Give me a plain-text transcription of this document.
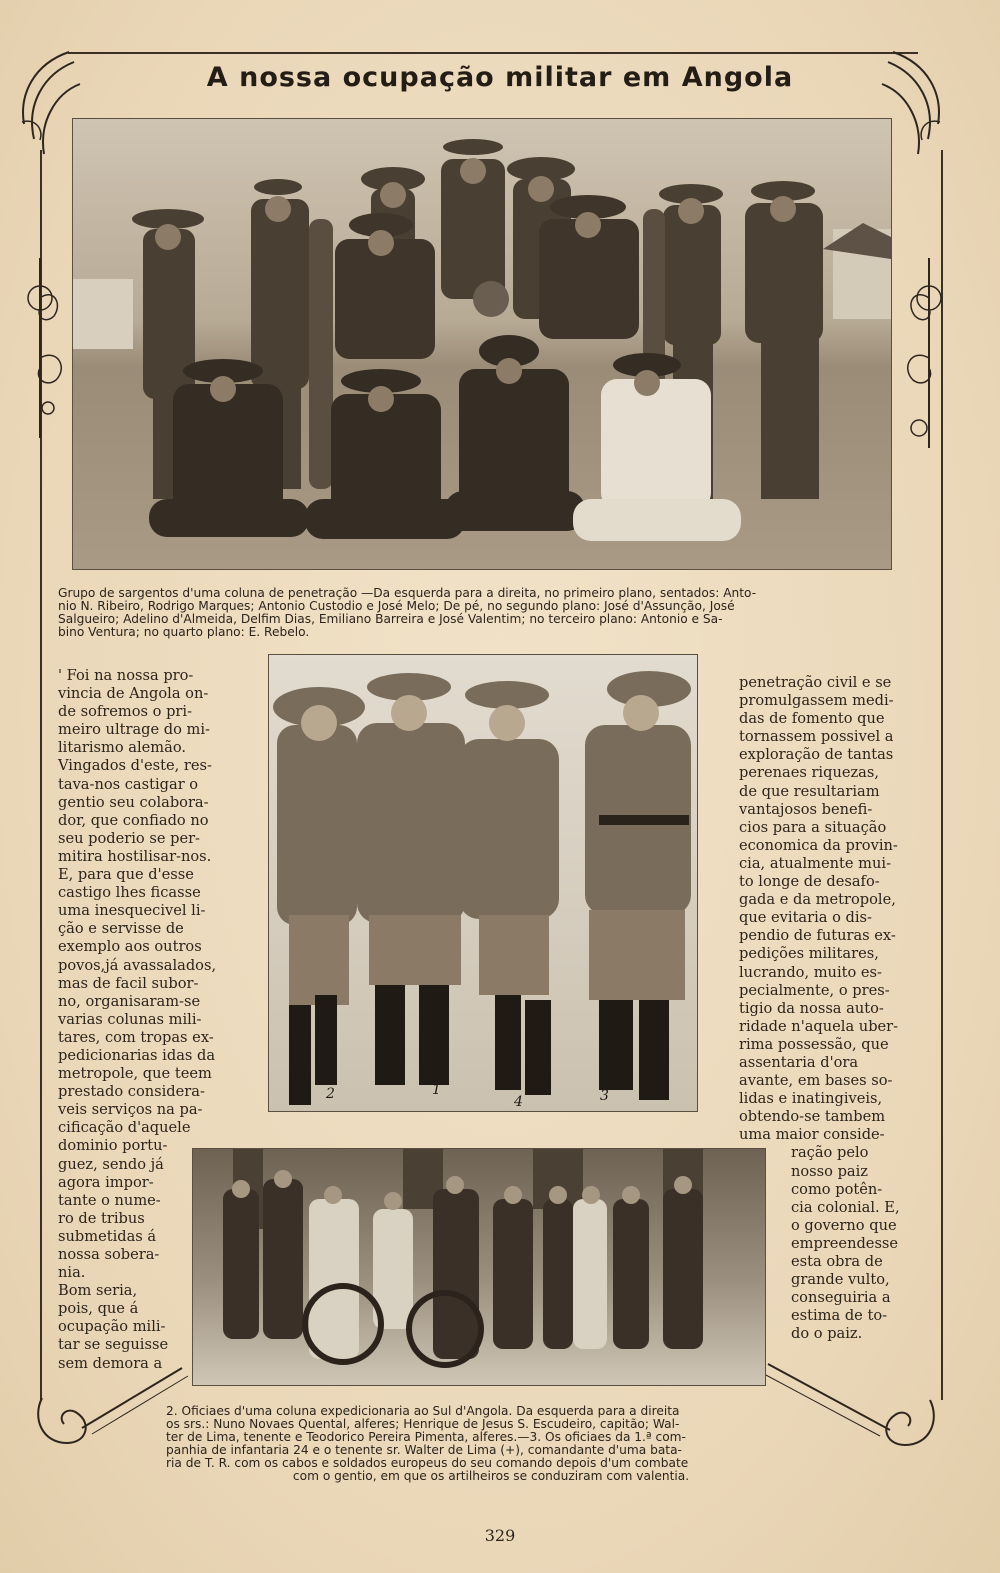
A nossa ocupação militar em Angola
Grupo de sargentos d'uma coluna de penetração —Da esquerda para a direita, no primeiro plano, sentados: Anto-
nio N. Ribeiro, Rodrigo Marques; Antonio Custodio e José Melo; De pé, no segundo plano: José d'Assunção, José
Salgueiro; Adelino d'Almeida, Delfim Dias, Emiliano Barreira e José Valentim; no terceiro plano: Antonio e Sa-
bino Ventura; no quarto plano: E. Rebelo.
2	1
4	3
' Foi na nossa pro-
vincia de Angola on-
de sofremos o pri-
meiro ultrage do mi-
litarismo alemão.
Vingados d'este, res-
tava-nos castigar o
gentio seu colabora-
dor, que confiado no
seu poderio se per-
mitira hostilisar-nos.
E, para que d'esse
castigo lhes ficasse
uma inesquecivel li-
ção e servisse de
exemplo aos outros
povos,já avassalados,
mas de facil subor-
no, organisaram-se
varias colunas mili-
tares, com tropas ex-
pedicionarias idas da
metropole, que teem
prestado considera-
veis serviços na pa-
cificação d'aquele
dominio portu-
guez, sendo já
agora impor-
tante o nume-
ro de tribus
submetidas á
nossa sobera-
nia.
Bom seria,
pois, que á
ocupação mili-
tar se seguisse
sem demora a
penetração civil e se
promulgassem medi-
das de fomento que
tornassem possivel a
exploração de tantas
perenaes riquezas,
de que resultariam
vantajosos benefi-
cios para a situação
economica da provin-
cia, atualmente mui-
to longe de desafo-
gada e da metropole,
que evitaria o dis-
pendio de futuras ex-
pedições militares,
lucrando, muito es-
pecialmente, o pres-
tigio da nossa auto-
ridade n'aquela uber-
rima possessão, que
assentaria d'ora
avante, em bases so-
lidas e inatingiveis,
obtendo-se tambem
uma maior conside-
ração pelo
nosso paiz
como potên-
cia colonial. E,
o governo que
empreendesse
esta obra de
grande vulto,
conseguiria a
estima de to-
do o paiz.
2. Oficiaes d'uma coluna expedicionaria ao Sul d'Angola. Da esquerda para a direita
os srs.: Nuno Novaes Quental, alferes; Henrique de Jesus S. Escudeiro, capitão; Wal-
ter de Lima, tenente e Teodorico Pereira Pimenta, alferes.—3. Os oficiaes da 1.ª com-
panhia de infantaria 24 e o tenente sr. Walter de Lima (+), comandante d'uma bata-
ria de T. R. com os cabos e soldados europeus do seu comando depois d'um combate
com o gentio, em que os artilheiros se conduziram com valentia.
329
